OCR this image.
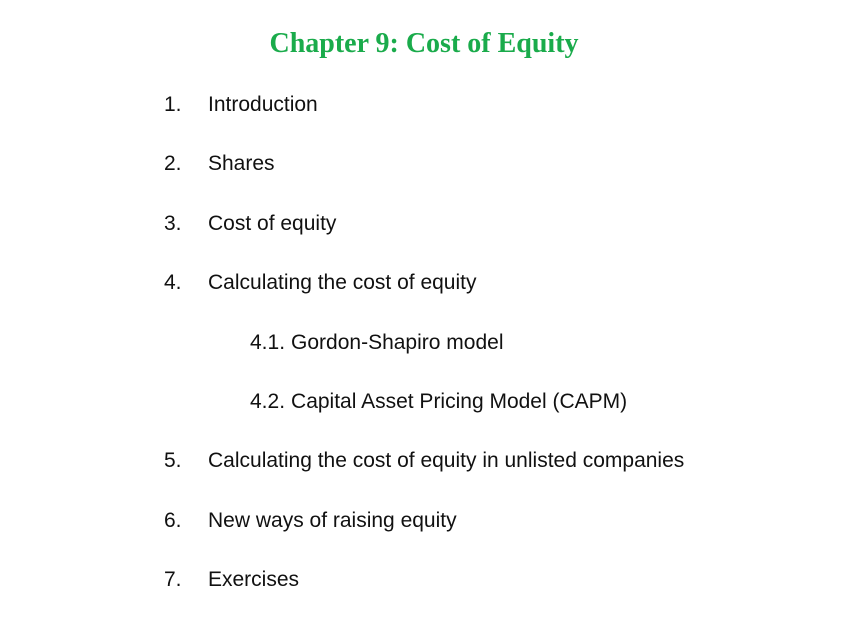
Chapter 9: Cost of Equity
1. Introduction
2. Shares
3. Cost of equity
4. Calculating the cost of equity
4.1. Gordon-Shapiro model
4.2. Capital Asset Pricing Model (CAPM)
5. Calculating the cost of equity in unlisted companies
6. New ways of raising equity
7. Exercises
